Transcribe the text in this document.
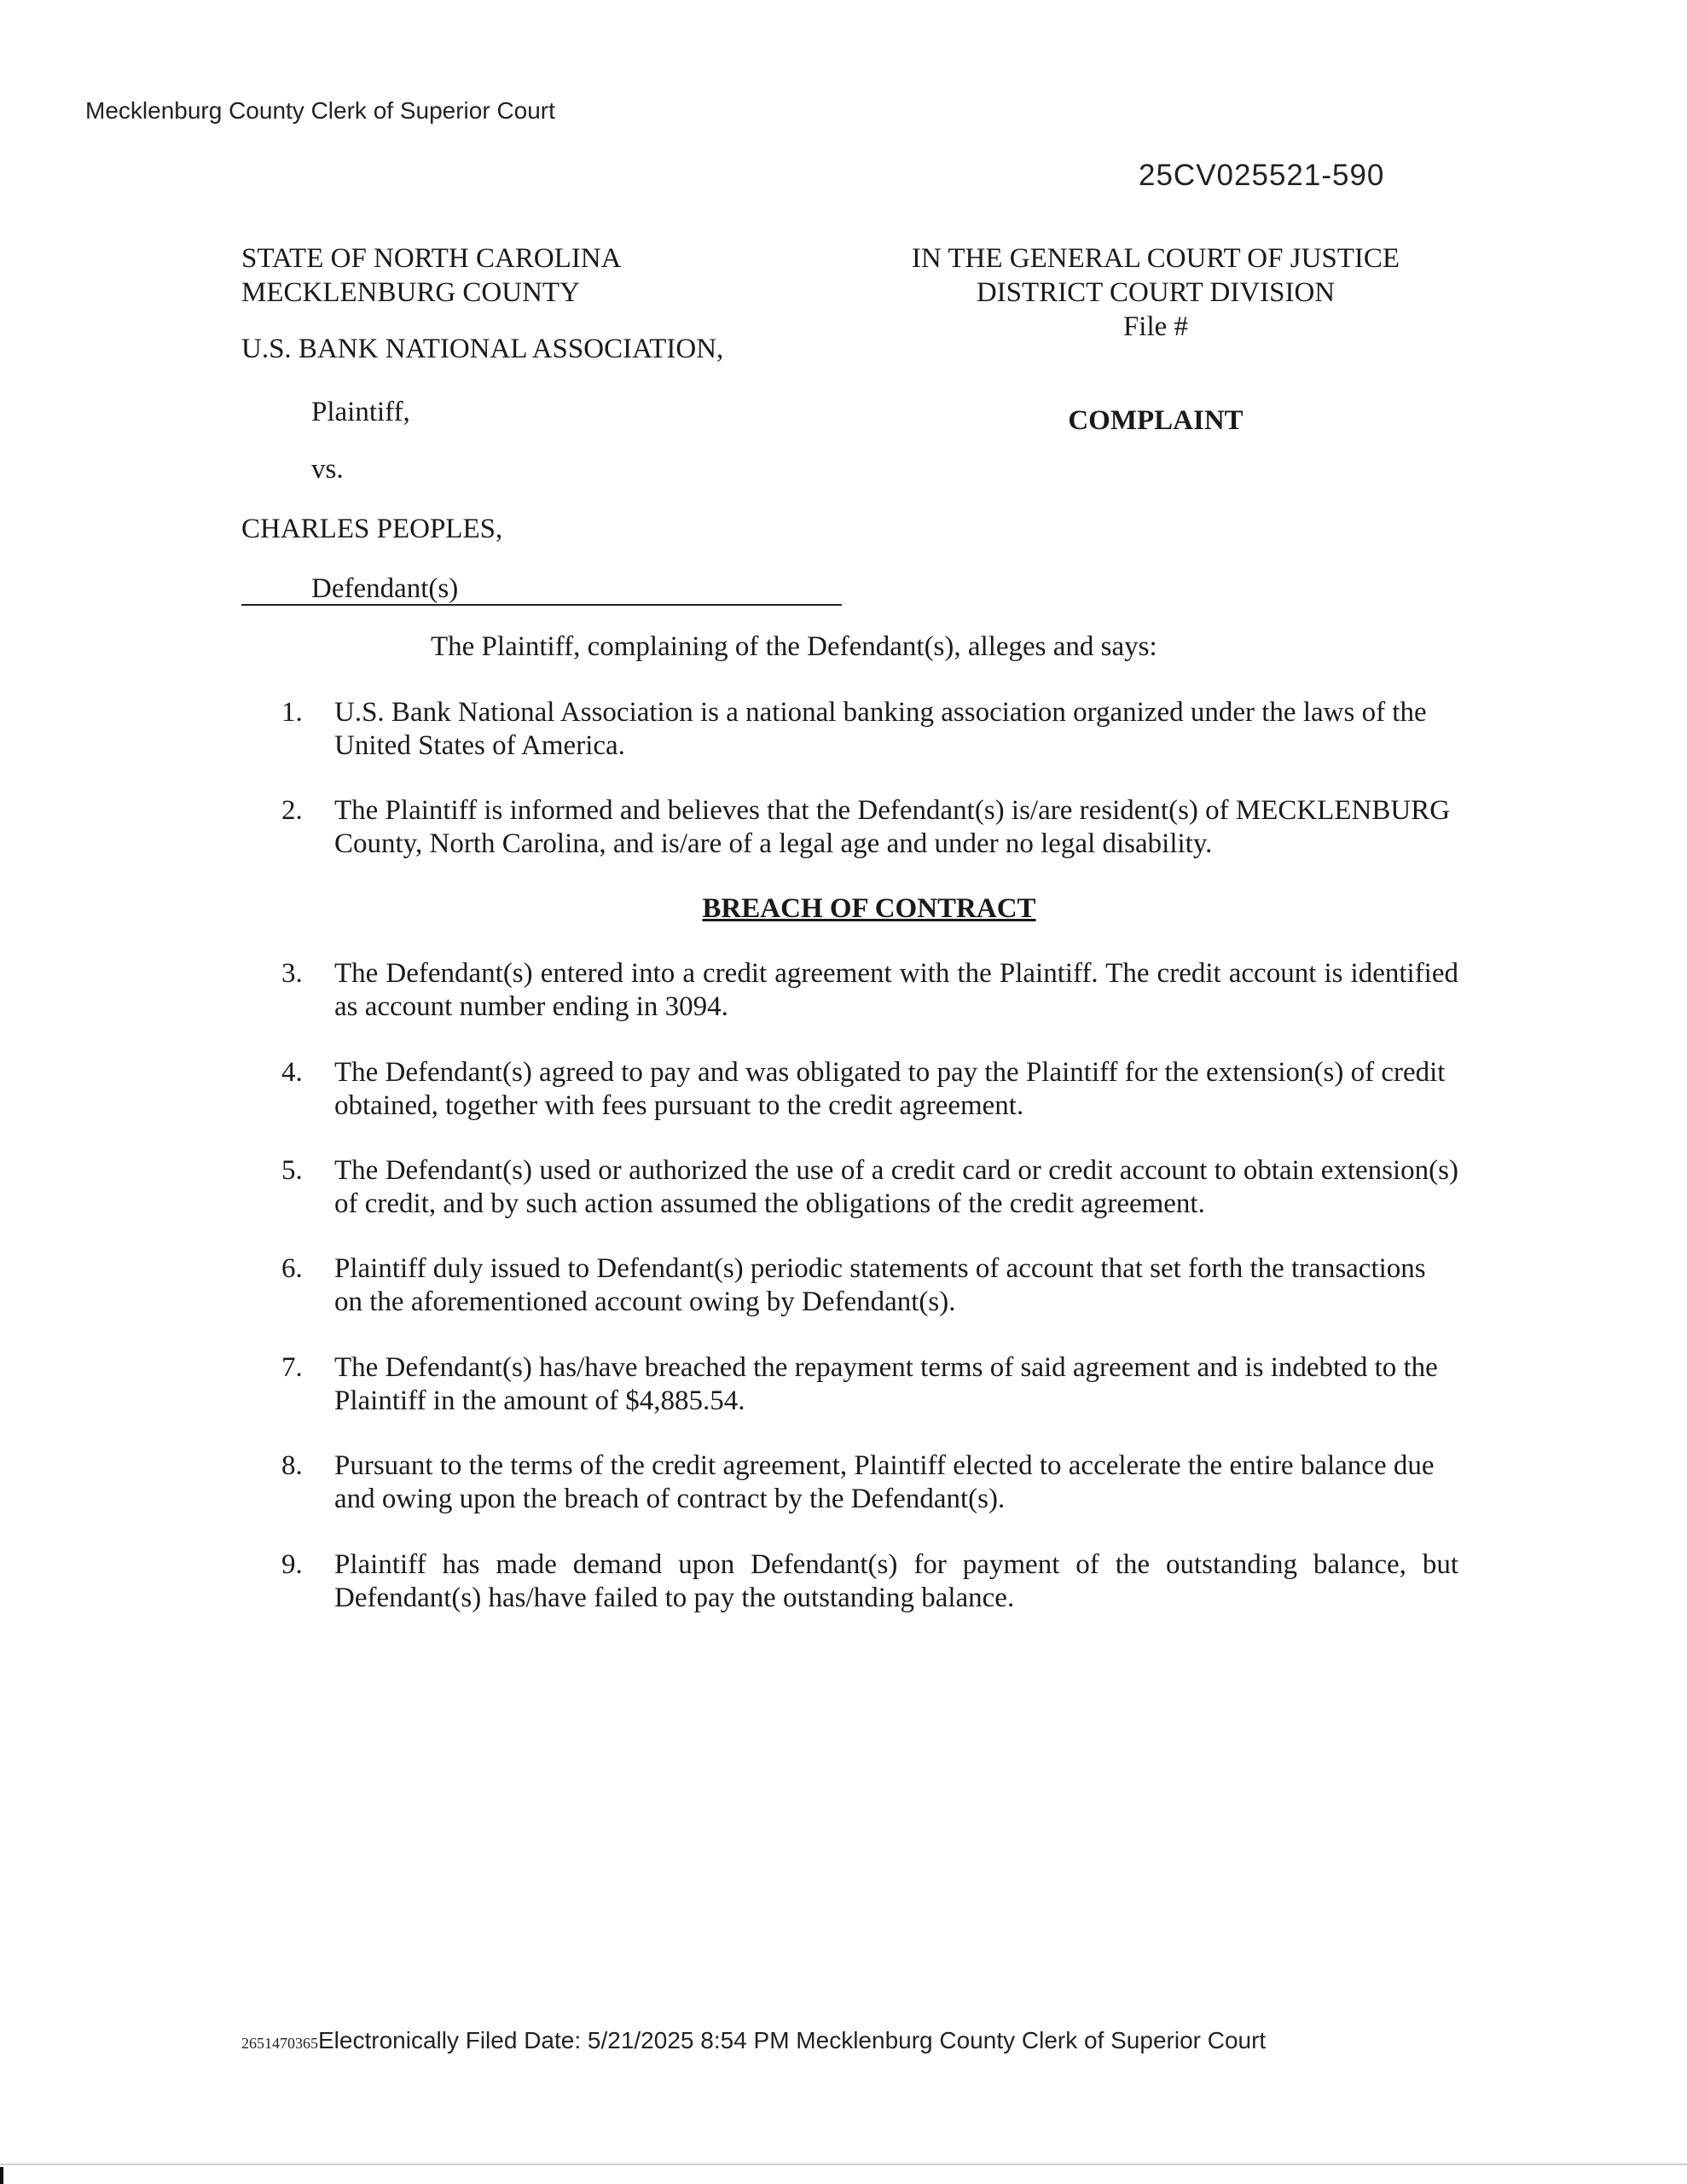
Mecklenburg County Clerk of Superior Court
25CV025521-590
STATE OF NORTH CAROLINA
MECKLENBURG COUNTY
IN THE GENERAL COURT OF JUSTICE
DISTRICT COURT DIVISION
File #
U.S. BANK NATIONAL ASSOCIATION,
Plaintiff,	COMPLAINT
vs.
CHARLES PEOPLES,
Defendant(s)
The Plaintiff, complaining of the Defendant(s), alleges and says:
1.	U.S. Bank National Association is a national banking association organized under the laws of the United States of America.
2.	The Plaintiff is informed and believes that the Defendant(s) is/are resident(s) of MECKLENBURG County, North Carolina, and is/are of a legal age and under no legal disability.
BREACH OF CONTRACT
3.	The Defendant(s) entered into a credit agreement with the Plaintiff. The credit account is identified as account number ending in 3094.
4.	The Defendant(s) agreed to pay and was obligated to pay the Plaintiff for the extension(s) of credit obtained, together with fees pursuant to the credit agreement.
5.	The Defendant(s) used or authorized the use of a credit card or credit account to obtain extension(s) of credit, and by such action assumed the obligations of the credit agreement.
6.	Plaintiff duly issued to Defendant(s) periodic statements of account that set forth the transactions on the aforementioned account owing by Defendant(s).
7.	The Defendant(s) has/have breached the repayment terms of said agreement and is indebted to the Plaintiff in the amount of $4,885.54.
8.	Pursuant to the terms of the credit agreement, Plaintiff elected to accelerate the entire balance due and owing upon the breach of contract by the Defendant(s).
9.	Plaintiff has made demand upon Defendant(s) for payment of the outstanding balance, but Defendant(s) has/have failed to pay the outstanding balance.
2651470365Electronically Filed Date: 5/21/2025 8:54 PM Mecklenburg County Clerk of Superior Court
